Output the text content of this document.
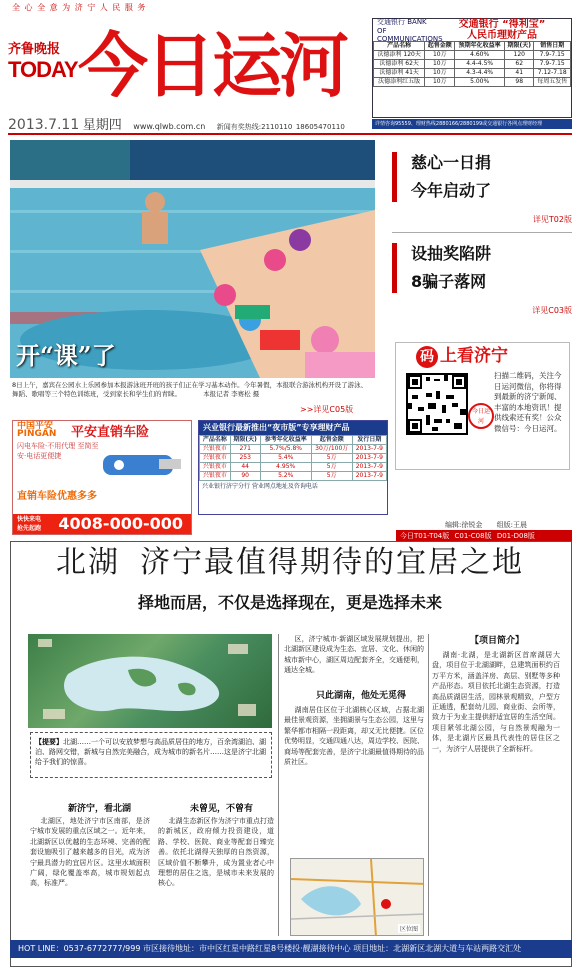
全 心 全 意 为 济 宁 人 民 服 务
齐鲁晚报
TODAY 今日运河
2013.7.11 星期四 www.qlwb.com.cn 新闻有奖热线:2110110 18605470110
交通银行 BANK OF COMMUNICATIONS
交通银行 “得利宝”
人民币理财产品
产品名称	起售金额	预期年化收益率	期限(天)	销售日期
沃德添利 120天	10万	4.60%	120	7.9-7.15
沃德添利 62天	10万	4.4-4.5%	62	7.9-7.15
沃德添利 41天	10万	4.3-4.4%	41	7.12-7.18
沃德添利红五版	10万	5.00%	98	每周五发售
详情咨询95559、理财热线2880166/2880199或交通银行各网点理财经理
开“课”了
8日上午，嘉宾在公园水上乐园参加本报游泳班开班的孩子们正在学习基本动作。今年暑假，本报联合游泳机构开设了游泳、舞蹈、歌唱等三个特色训练班，受到家长和学生们的青睐。	本报记者 李赛松 摄
>>详见C05版
慈心一日捐
今年启动了
详见T02版
设抽奖陷阱
8骗子落网
详见C03版
码 上看济宁
今日运河
扫描二维码，关注今日运河微信，你将得到最新的济宁新闻、丰富的本地资讯！提供线索还有奖！公众微信号：今日运河。
中国平安 PINGAN	平安直销车险
闪电车险·不用代理 至简至安·电话更便捷
直销车险优惠多多
快快来电 抢先起跑	4008-000-000
兴业银行最新推出“夜市版”专享理财产品
产品名称	期限(天)	参考年化收益率	起售金额	发行日期
兴银夜市	271	5.7%/5.8%	30万/100万	2013-7-9
兴银夜市	253	5.4%	5万	2013-7-9
兴银夜市	44	4.95%	5万	2013-7-9
兴银夜市	90	5.2%	5万	2013-7-9
兴业银行济宁分行 营业网点地址及咨询电话
编辑:徐锐金 组版:王晨
今日T01-T04版 C01-C08版 D01-D08版
北湖 济宁最值得期待的宜居之地
择地而居，不仅是选择现在，更是选择未来
【提要】北湖……一个可以安放梦想与高品质居住的地方，百余湾湖泊、湖泊、路网交错，新城与自然完美融合，成为城市的新名片……这是济宁北湖给予我们的惊喜。
新济宁，看北湖
北湖区，地处济宁市区南部，是济宁城市发展的重点区域之一。近年来，北湖新区以优越的生态环境、完善的配套设施吸引了越来越多的目光，成为济宁最具潜力的宜居片区。这里水域面积广阔，绿化覆盖率高，城市规划起点高，标准严。
未曾见，不曾有
北湖生态新区作为济宁市重点打造的新城区，政府倾力投资建设，道路、学校、医院、商业等配套日臻完善。依托北湖得天独厚的自然资源，区域价值不断攀升，成为置业者心中理想的居住之选，是城市未来发展的核心。
区，济宁城市·新湖区域发展规划提出，把北湖新区建设成为生态、宜居、文化、休闲的城市新中心，湖区周边配套齐全，交通便利，通达全城。
只此湖南，他处无觅得
湖南居住区位于北湖核心区域，占据北湖最佳景观资源，坐拥湖景与生态公园，这里与繁华都市相隔一段距离，却又无比便捷。区位优势明显，交通四通八达，周边学校、医院、商场等配套完善，是济宁北湖最值得期待的品质社区。
区位图
【项目简介】
湖南·北湖，是北湖新区首席湖居大盘，项目位于北湖湖畔，总建筑面积约百万平方米，涵盖洋房、高层、别墅等多种产品形态。项目依托北湖生态资源，打造高品质湖居生活，园林景观精致，户型方正通透，配套幼儿园、商业街、会所等，致力于为业主提供舒适宜居的生活空间。项目紧邻北湖公园，与自然景观融为一体，是北湖片区最具代表性的居住区之一，为济宁人居提供了全新标杆。
HOT LINE：0537-6772777/999 市区接待地址：市中区红星中路红星8号楼投·靓湖接待中心 项目地址：北湖新区北湖大道与车站两路交汇处
